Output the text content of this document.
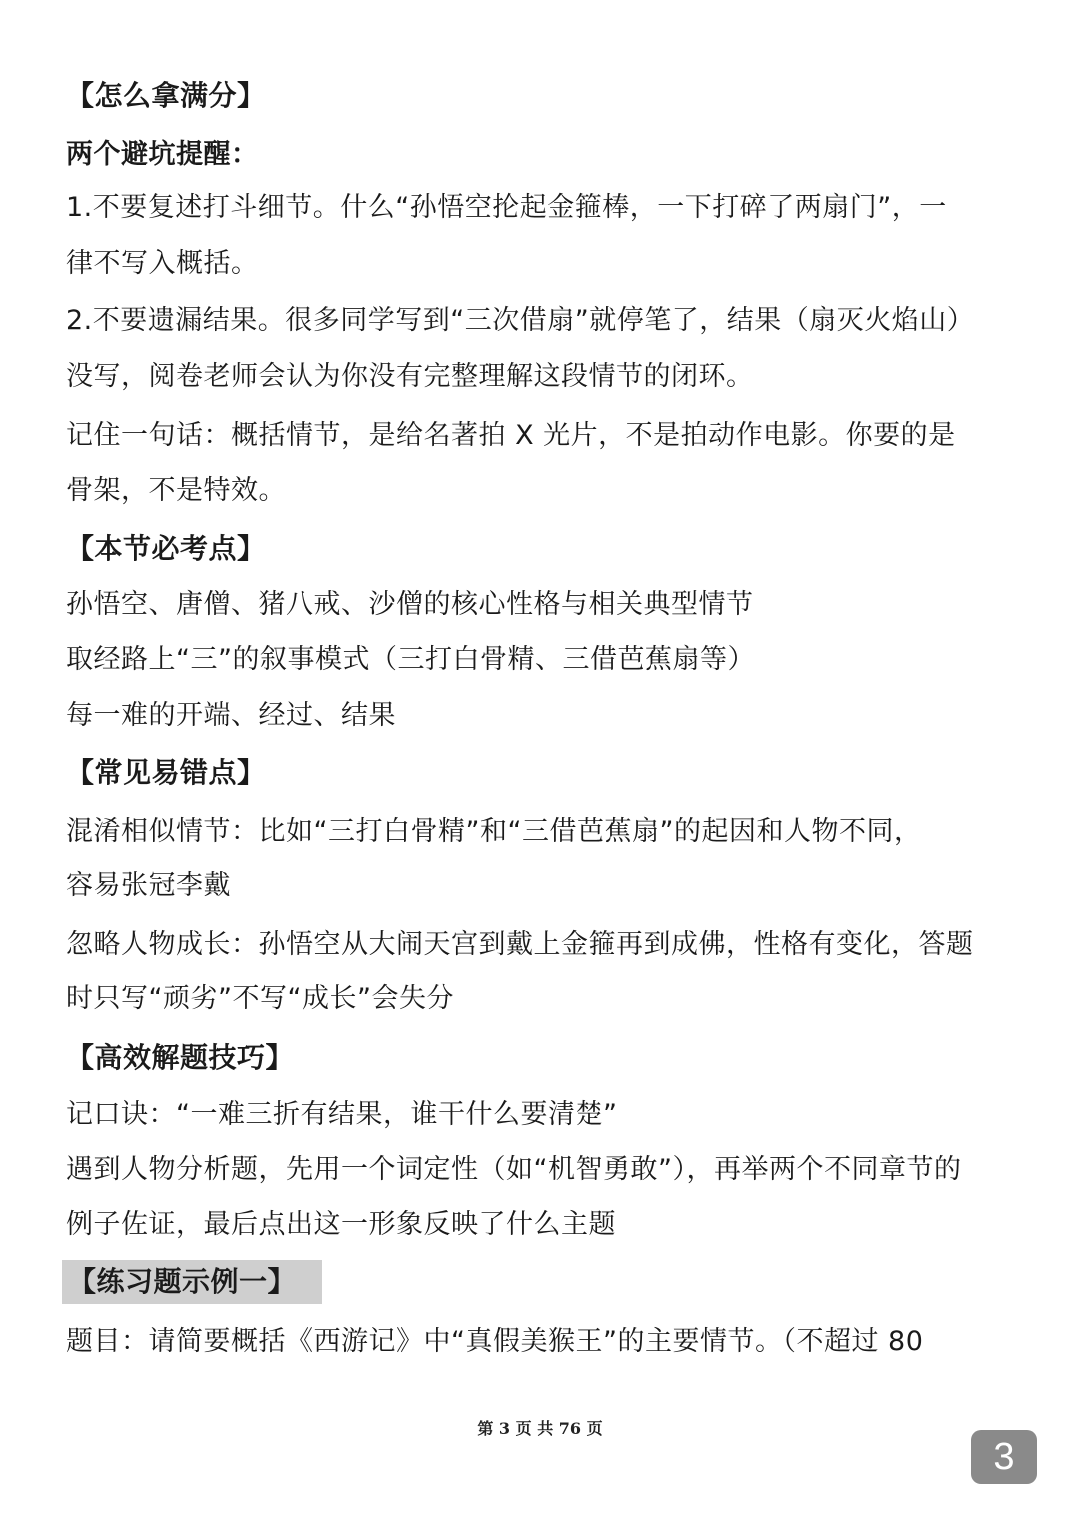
【怎么拿满分】
两个避坑提醒：
1.不要复述打斗细节。什么“孙悟空抡起金箍棒，一下打碎了两扇门”，一
律不写入概括。
2.不要遗漏结果。很多同学写到“三次借扇”就停笔了，结果（扇灭火焰山）
没写，阅卷老师会认为你没有完整理解这段情节的闭环。
记住一句话：概括情节，是给名著拍 X 光片，不是拍动作电影。你要的是
骨架，不是特效。
【本节必考点】
孙悟空、唐僧、猪八戒、沙僧的核心性格与相关典型情节
取经路上“三”的叙事模式（三打白骨精、三借芭蕉扇等）
每一难的开端、经过、结果
【常见易错点】
混淆相似情节：比如“三打白骨精”和“三借芭蕉扇”的起因和人物不同，
容易张冠李戴
忽略人物成长：孙悟空从大闹天宫到戴上金箍再到成佛，性格有变化，答题
时只写“顽劣”不写“成长”会失分
【高效解题技巧】
记口诀：“一难三折有结果，谁干什么要清楚”
遇到人物分析题，先用一个词定性（如“机智勇敢”），再举两个不同章节的
例子佐证，最后点出这一形象反映了什么主题
【练习题示例一】
题目：请简要概括《西游记》中“真假美猴王”的主要情节。（不超过 80
第 3 页 共 76 页
3
